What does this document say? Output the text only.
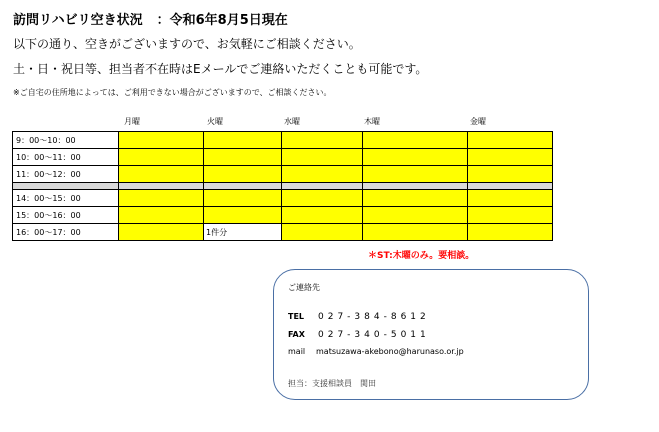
訪問リハビリ空き状況 ：令和6年8月5日現在
以下の通り、空きがございますので、お気軽にご相談ください。
土・日・祝日等、担当者不在時はEメールでご連絡いただくことも可能です。
※ご自宅の住所地によっては、ご利用できない場合がございますので、ご相談ください。
月曜	火曜	水曜	木曜	金曜
9：00～10：00					
10：00～11：00					
11：00～12：00					

14：00～15：00					
15：00～16：00					
16：00～17：00		1件分			
＊ST:木曜のみ。要相談。
ご連絡先
TEL 027-384-8612
FAX 027-340-5011
mail matsuzawa-akebono@harunaso.or.jp
担当：支援相談員　関田
